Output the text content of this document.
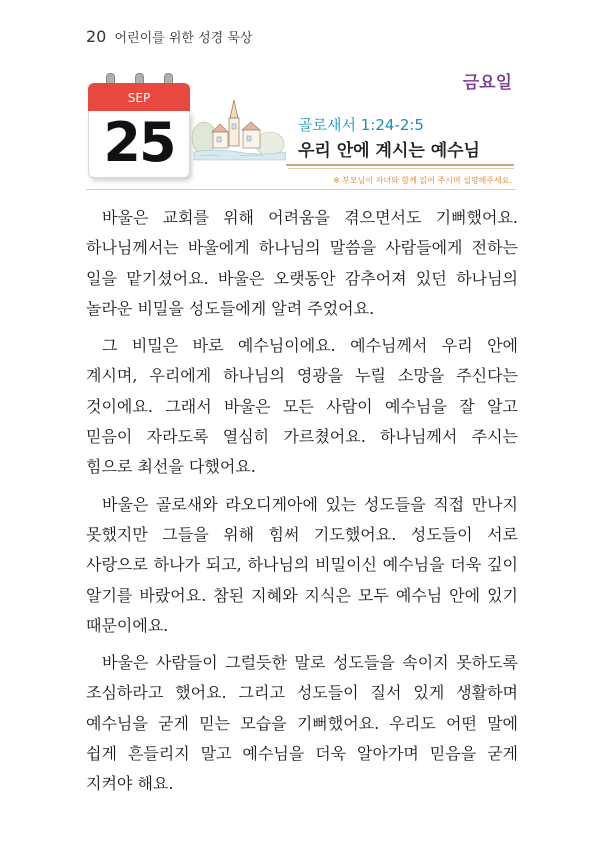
20 어린이를 위한 성경 묵상
금요일
SEP
25	골로새서 1:24-2:5
우리 안에 계시는 예수님
※ 부모님이 자녀와 함께 읽어 주시며 설명해주세요.

바울은 교회를 위해 어려움을 겪으면서도 기뻐했어요. 하나님께서는 바울에게 하나님의 말씀을 사람들에게 전하는 일을 맡기셨어요. 바울은 오랫동안 감추어져 있던 하나님의 놀라운 비밀을 성도들에게 알려 주었어요.

그 비밀은 바로 예수님이에요. 예수님께서 우리 안에 계시며, 우리에게 하나님의 영광을 누릴 소망을 주신다는 것이에요. 그래서 바울은 모든 사람이 예수님을 잘 알고 믿음이 자라도록 열심히 가르쳤어요. 하나님께서 주시는 힘으로 최선을 다했어요.

바울은 골로새와 라오디게아에 있는 성도들을 직접 만나지 못했지만 그들을 위해 힘써 기도했어요. 성도들이 서로 사랑으로 하나가 되고, 하나님의 비밀이신 예수님을 더욱 깊이 알기를 바랐어요. 참된 지혜와 지식은 모두 예수님 안에 있기 때문이에요.

바울은 사람들이 그럴듯한 말로 성도들을 속이지 못하도록 조심하라고 했어요. 그리고 성도들이 질서 있게 생활하며 예수님을 굳게 믿는 모습을 기뻐했어요. 우리도 어떤 말에 쉽게 흔들리지 말고 예수님을 더욱 알아가며 믿음을 굳게 지켜야 해요.
